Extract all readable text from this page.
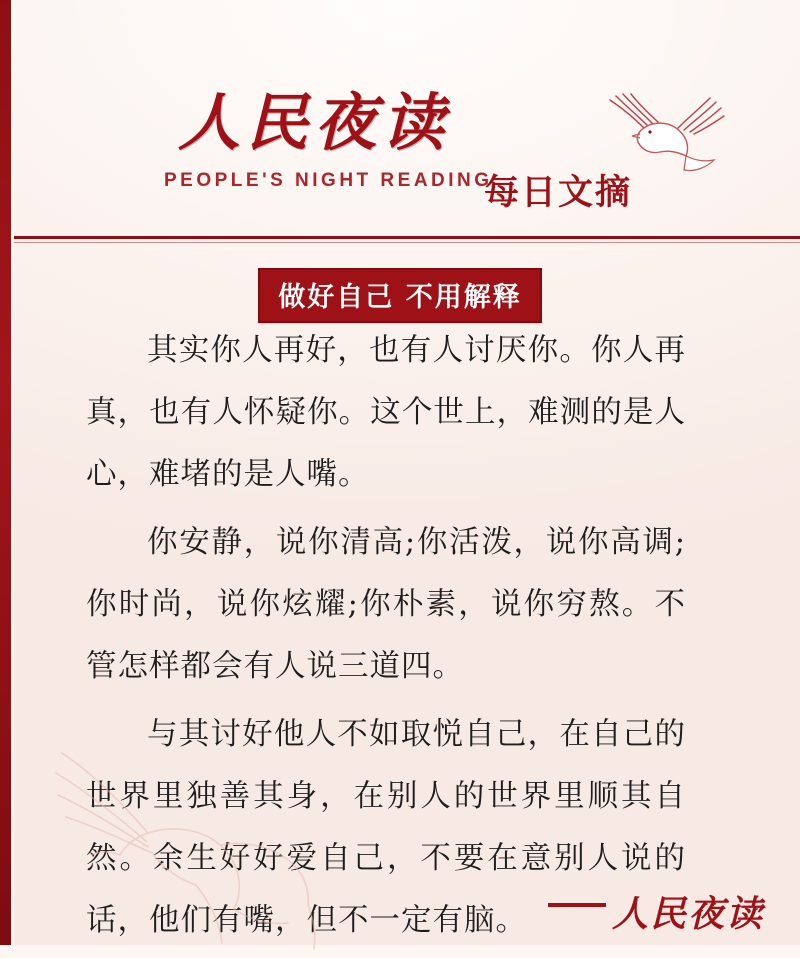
人民夜读
PEOPLE'S NIGHT READING
每日文摘
做好自己 不用解释

其实你人再好，也有人讨厌你。你人再真，也有人怀疑你。这个世上，难测的是人心，难堵的是人嘴。

你安静，说你清高;你活泼，说你高调;你时尚，说你炫耀;你朴素，说你穷熬。不管怎样都会有人说三道四。

与其讨好他人不如取悦自己，在自己的世界里独善其身，在别人的世界里顺其自然。余生好好爱自己，不要在意别人说的话，他们有嘴，但不一定有脑。	人民夜读
